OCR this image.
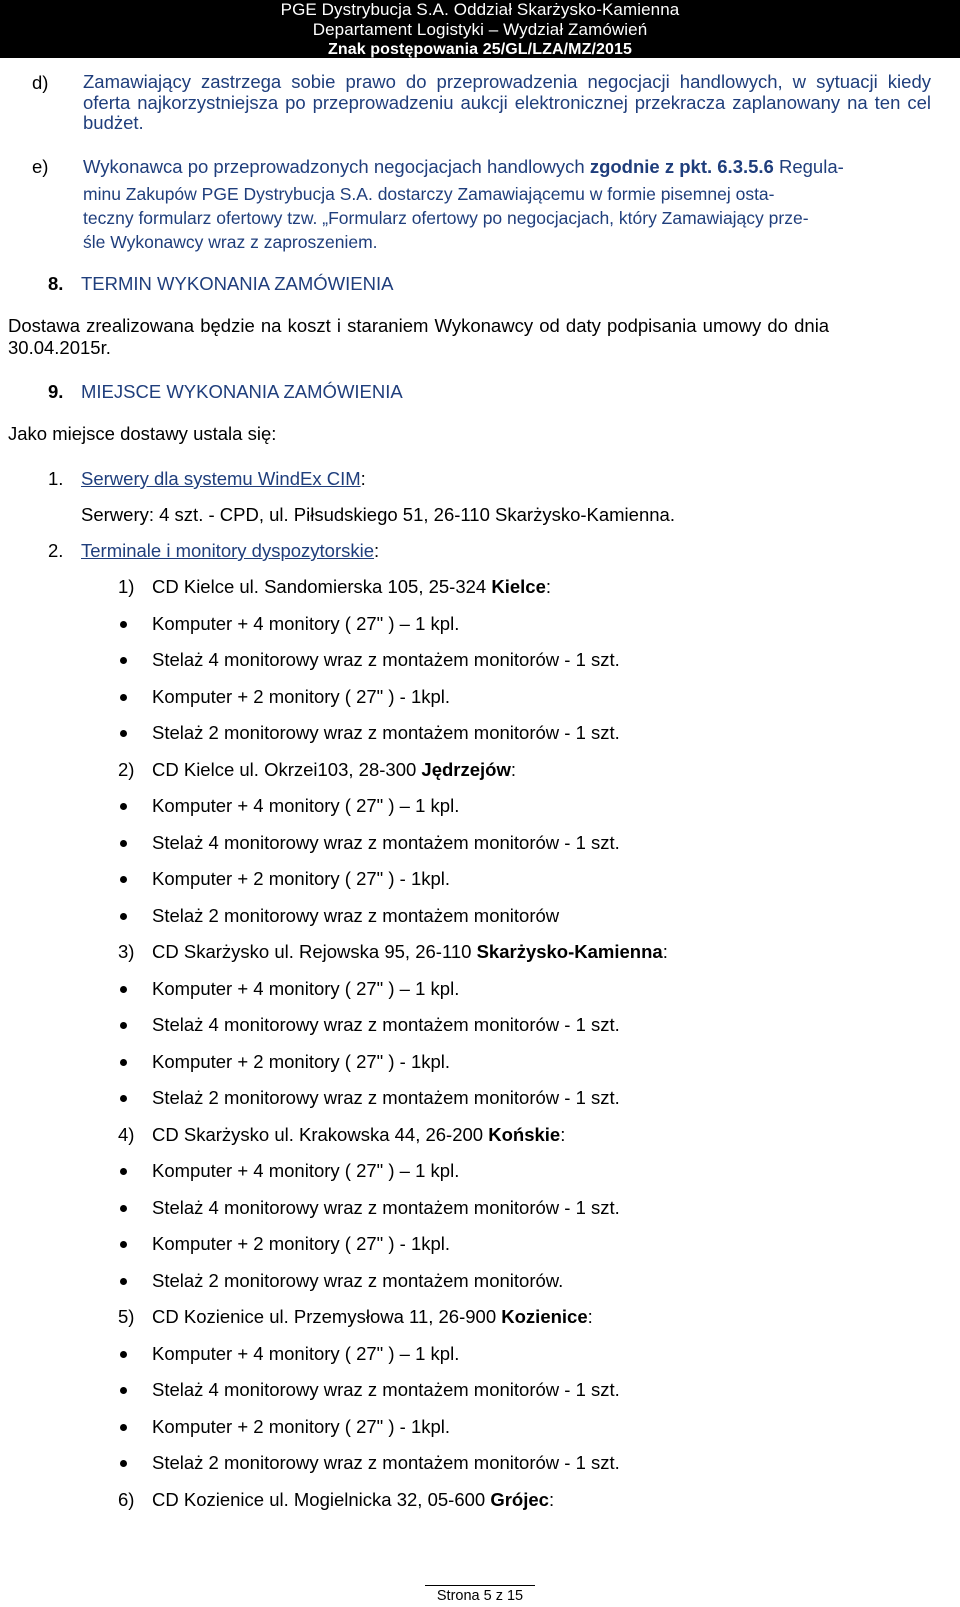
PGE Dystrybucja S.A. Oddział Skarżysko-Kamienna
Departament Logistyki – Wydział Zamówień
Znak postępowania 25/GL/LZA/MZ/2015
d) Zamawiający zastrzega sobie prawo do przeprowadzenia negocjacji handlowych, w sytuacji kiedy oferta najkorzystniejsza po przeprowadzeniu aukcji elektronicznej przekracza zaplanowany na ten cel budżet.
e) Wykonawca po przeprowadzonych negocjacjach handlowych zgodnie z pkt. 6.3.5.6 Regula-
minu Zakupów PGE Dystrybucja S.A. dostarczy Zamawiającemu w formie pisemnej osta-
teczny formularz ofertowy tzw. „Formularz ofertowy po negocjacjach, który Zamawiający prze-
śle Wykonawcy wraz z zaproszeniem.
8. TERMIN WYKONANIA ZAMÓWIENIA
Dostawa zrealizowana będzie na koszt i staraniem Wykonawcy od daty podpisania umowy do dnia
30.04.2015r.
9. MIEJSCE WYKONANIA ZAMÓWIENIA
Jako miejsce dostawy ustala się:
1. Serwery dla systemu WindEx CIM:
Serwery: 4 szt. - CPD, ul. Piłsudskiego 51, 26-110 Skarżysko-Kamienna.
2. Terminale i monitory dyspozytorskie:
1) CD Kielce ul. Sandomierska 105, 25-324 Kielce:
Komputer + 4 monitory ( 27" ) – 1 kpl.
Stelaż 4 monitorowy wraz z montażem monitorów - 1 szt.
Komputer + 2 monitory ( 27" ) - 1kpl.
Stelaż 2 monitorowy wraz z montażem monitorów - 1 szt.
2) CD Kielce ul. Okrzei103, 28-300 Jędrzejów:
Komputer + 4 monitory ( 27" ) – 1 kpl.
Stelaż 4 monitorowy wraz z montażem monitorów - 1 szt.
Komputer + 2 monitory ( 27" ) - 1kpl.
Stelaż 2 monitorowy wraz z montażem monitorów
3) CD Skarżysko ul. Rejowska 95, 26-110 Skarżysko-Kamienna:
Komputer + 4 monitory ( 27" ) – 1 kpl.
Stelaż 4 monitorowy wraz z montażem monitorów - 1 szt.
Komputer + 2 monitory ( 27" ) - 1kpl.
Stelaż 2 monitorowy wraz z montażem monitorów - 1 szt.
4) CD Skarżysko ul. Krakowska 44, 26-200 Końskie:
Komputer + 4 monitory ( 27" ) – 1 kpl.
Stelaż 4 monitorowy wraz z montażem monitorów - 1 szt.
Komputer + 2 monitory ( 27" ) - 1kpl.
Stelaż 2 monitorowy wraz z montażem monitorów.
5) CD Kozienice ul. Przemysłowa 11, 26-900 Kozienice:
Komputer + 4 monitory ( 27" ) – 1 kpl.
Stelaż 4 monitorowy wraz z montażem monitorów - 1 szt.
Komputer + 2 monitory ( 27" ) - 1kpl.
Stelaż 2 monitorowy wraz z montażem monitorów - 1 szt.
6) CD Kozienice ul. Mogielnicka 32, 05-600 Grójec:
Strona 5 z 15
